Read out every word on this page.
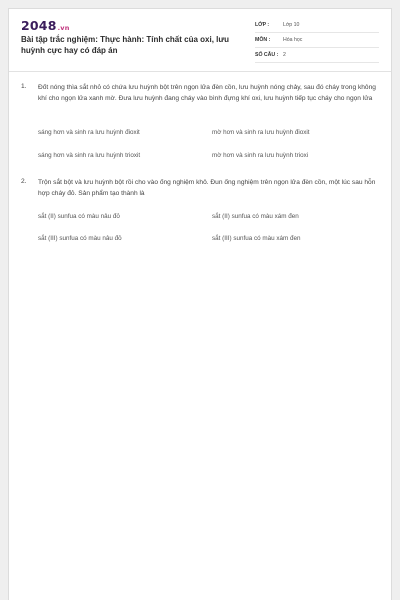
2048.vn
Bài tập trắc nghiệm: Thực hành: Tính chất của oxi, lưu huỳnh cực hay có đáp án
LỚP :	Lớp 10
MÔN : Hóa học
SỐ CÂU : 2
1. Đốt nóng thìa sắt nhỏ có chứa lưu huỳnh bột trên ngọn lửa đèn cồn, lưu huỳnh nóng chảy, sau đó cháy trong không khí cho ngọn lửa xanh mờ. Đưa lưu huỳnh đang cháy vào bình đựng khí oxi, lưu huỳnh tiếp tục cháy cho ngọn lửa
sáng hơn và sinh ra lưu huỳnh đioxit	mờ hơn và sinh ra lưu huỳnh đioxit
sáng hơn và sinh ra lưu huỳnh trioxit	mờ hơn và sinh ra lưu huỳnh trioxi
2. Trộn sắt bột và lưu huỳnh bột rồi cho vào ống nghiệm khô. Đun ống nghiệm trên ngọn lửa đèn cồn, một lúc sau hỗn hợp cháy đỏ. Sản phẩm tạo thành là
sắt (II) sunfua có màu nâu đỏ	sắt (II) sunfua có màu xám đen
sắt (III) sunfua có màu nâu đỏ	sắt (III) sunfua có màu xám đen
